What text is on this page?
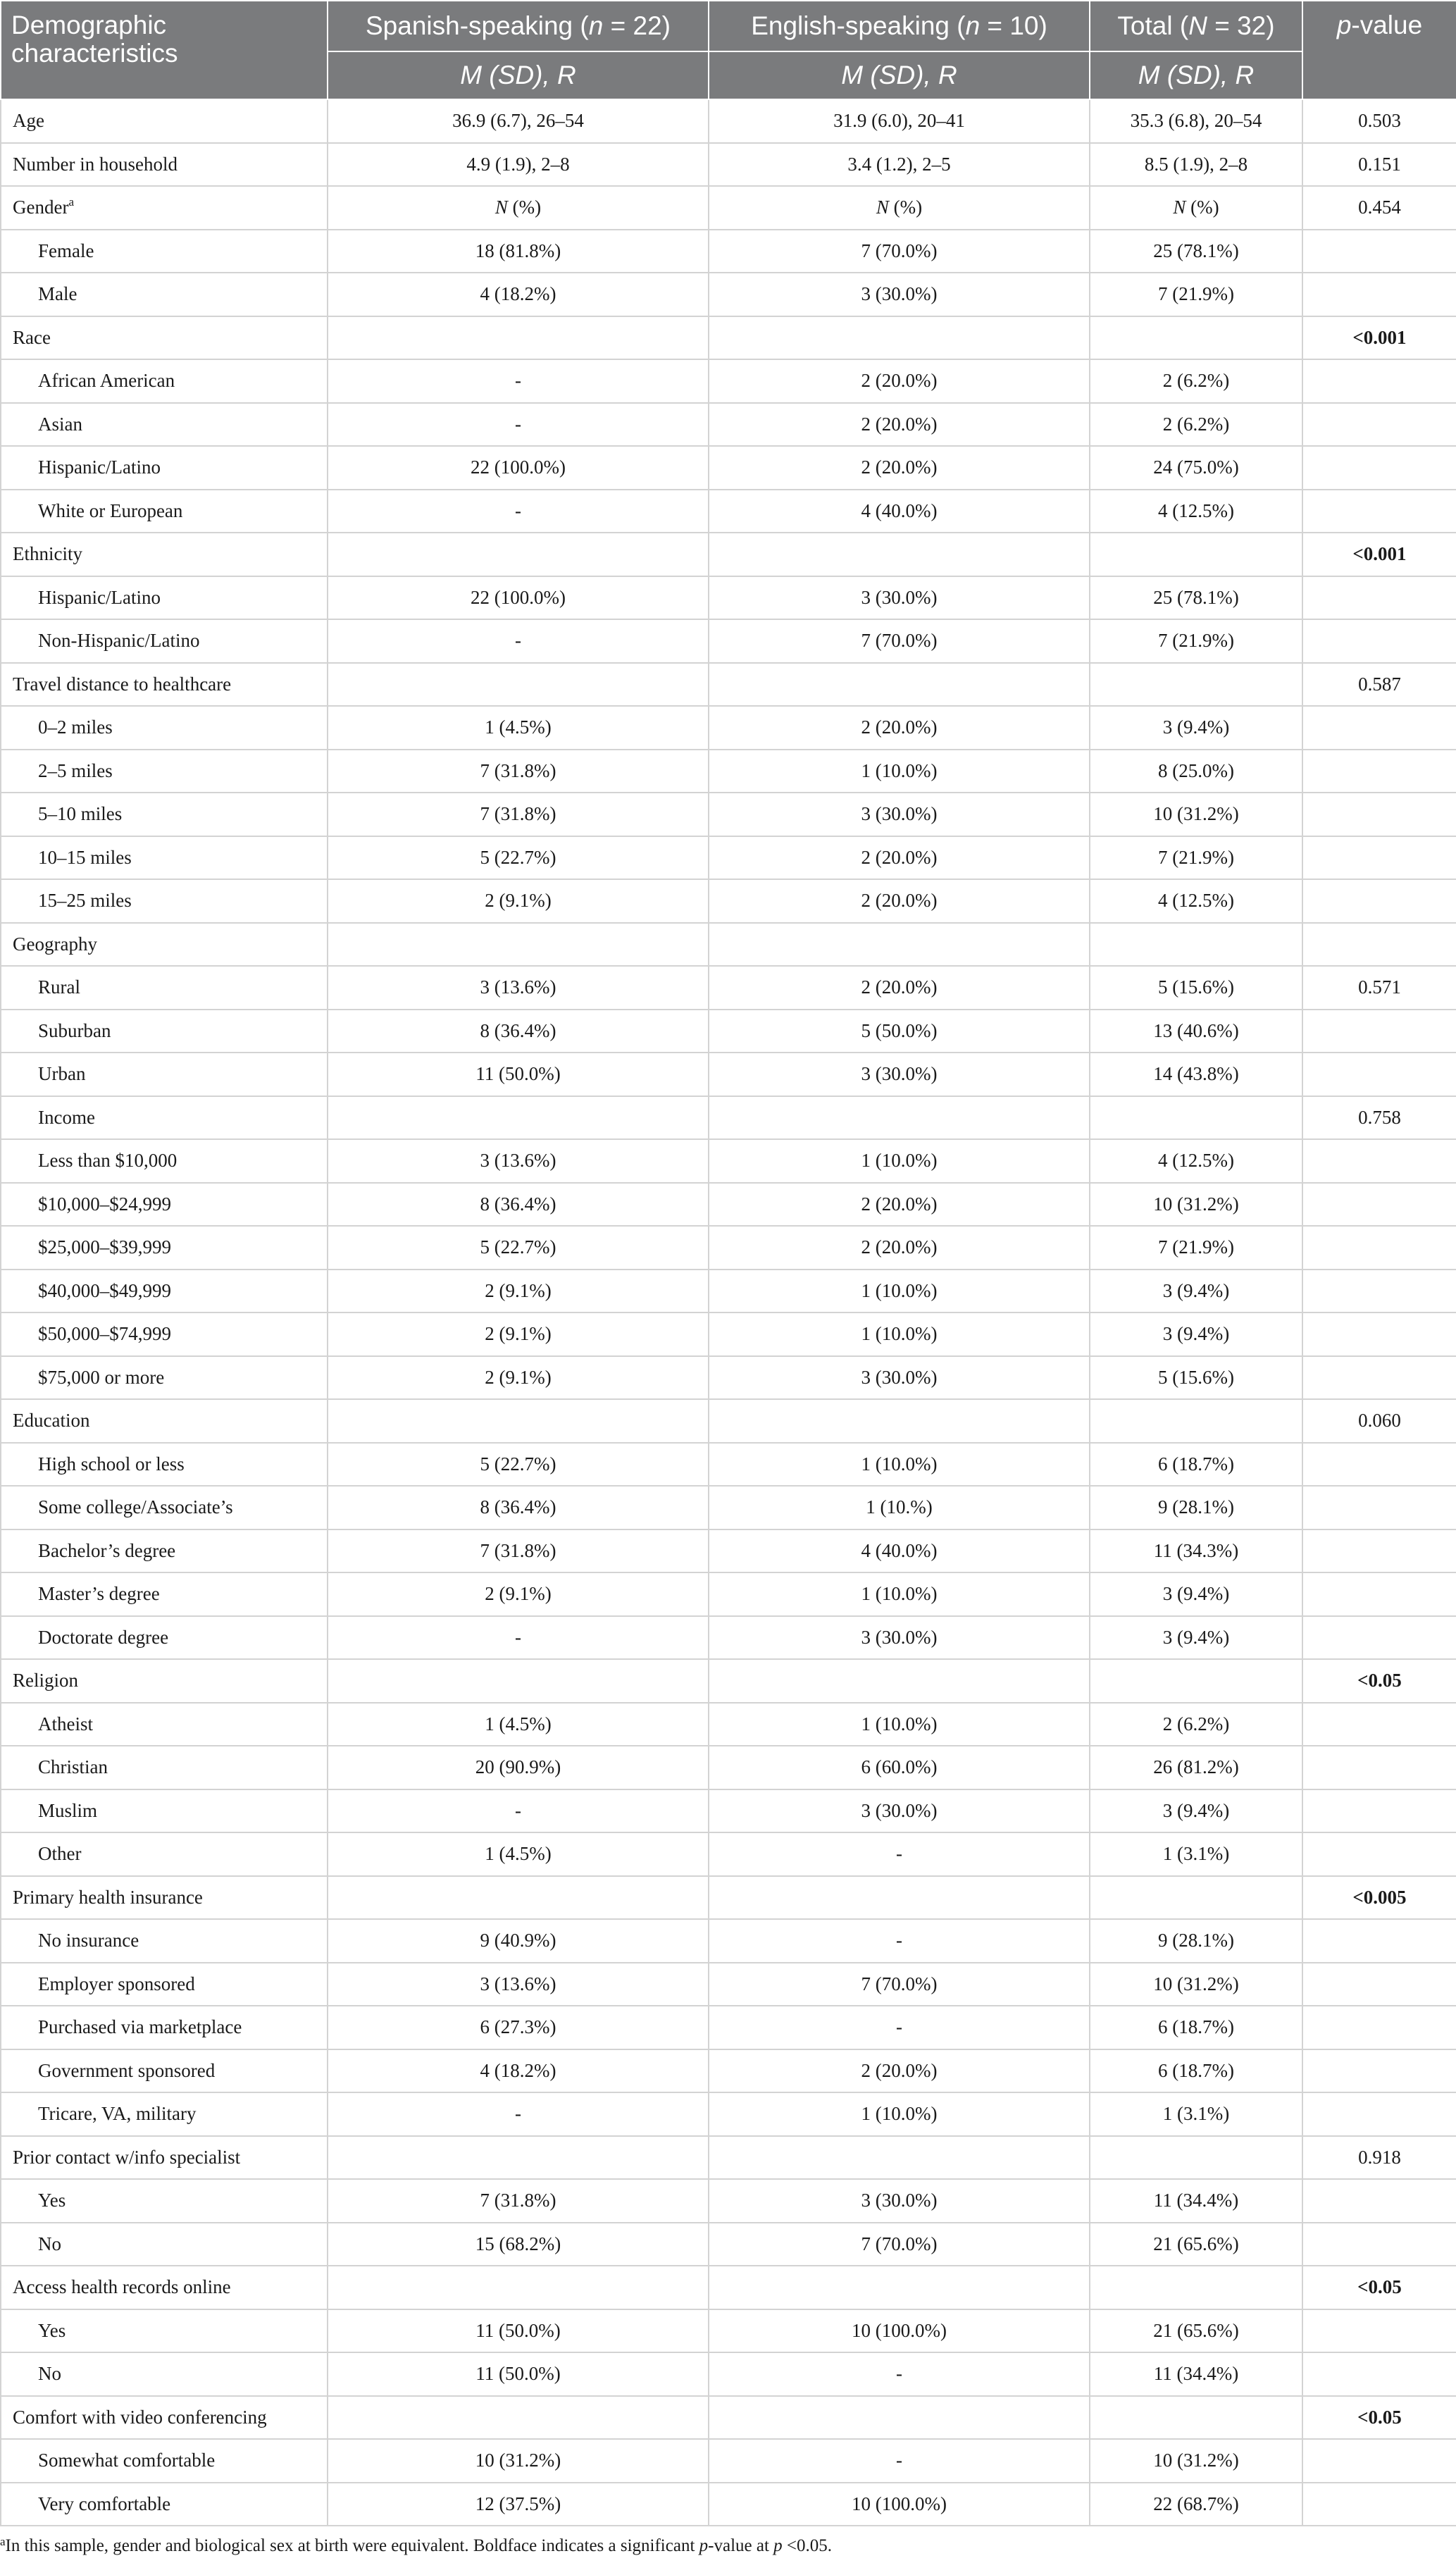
Demographic characteristics	Spanish-speaking (n = 22)	English-speaking (n = 10)	Total (N = 32)	p-value
	M (SD), R	M (SD), R	M (SD), R	
Age	36.9 (6.7), 26–54	31.9 (6.0), 20–41	35.3 (6.8), 20–54	0.503
Number in household	4.9 (1.9), 2–8	3.4 (1.2), 2–5	8.5 (1.9), 2–8	0.151
Gender$^a$	N (%)	N (%)	N (%)	0.454
Female	18 (81.8%)	7 (70.0%)	25 (78.1%)	
Male	4 (18.2%)	3 (30.0%)	7 (21.9%)	
Race				<0.001
African American	-	2 (20.0%)	2 (6.2%)	
Asian	-	2 (20.0%)	2 (6.2%)	
Hispanic/Latino	22 (100.0%)	2 (20.0%)	24 (75.0%)	
White or European	-	4 (40.0%)	4 (12.5%)	
Ethnicity				<0.001
Hispanic/Latino	22 (100.0%)	3 (30.0%)	25 (78.1%)	
Non-Hispanic/Latino	-	7 (70.0%)	7 (21.9%)	
Travel distance to healthcare				0.587
0–2 miles	1 (4.5%)	2 (20.0%)	3 (9.4%)	
2–5 miles	7 (31.8%)	1 (10.0%)	8 (25.0%)	
5–10 miles	7 (31.8%)	3 (30.0%)	10 (31.2%)	
10–15 miles	5 (22.7%)	2 (20.0%)	7 (21.9%)	
15–25 miles	2 (9.1%)	2 (20.0%)	4 (12.5%)	
Geography				
Rural	3 (13.6%)	2 (20.0%)	5 (15.6%)	0.571
Suburban	8 (36.4%)	5 (50.0%)	13 (40.6%)	
Urban	11 (50.0%)	3 (30.0%)	14 (43.8%)	
Income				0.758
Less than $10,000	3 (13.6%)	1 (10.0%)	4 (12.5%)	
$10,000–$24,999	8 (36.4%)	2 (20.0%)	10 (31.2%)	
$25,000–$39,999	5 (22.7%)	2 (20.0%)	7 (21.9%)	
$40,000–$49,999	2 (9.1%)	1 (10.0%)	3 (9.4%)	
$50,000–$74,999	2 (9.1%)	1 (10.0%)	3 (9.4%)	
$75,000 or more	2 (9.1%)	3 (30.0%)	5 (15.6%)	
Education				0.060
High school or less	5 (22.7%)	1 (10.0%)	6 (18.7%)	
Some college/Associate’s	8 (36.4%)	1 (10.%)	9 (28.1%)	
Bachelor’s degree	7 (31.8%)	4 (40.0%)	11 (34.3%)	
Master’s degree	2 (9.1%)	1 (10.0%)	3 (9.4%)	
Doctorate degree	-	3 (30.0%)	3 (9.4%)	
Religion				<0.05
Atheist	1 (4.5%)	1 (10.0%)	2 (6.2%)	
Christian	20 (90.9%)	6 (60.0%)	26 (81.2%)	
Muslim	-	3 (30.0%)	3 (9.4%)	
Other	1 (4.5%)	-	1 (3.1%)	
Primary health insurance				<0.005
No insurance	9 (40.9%)	-	9 (28.1%)	
Employer sponsored	3 (13.6%)	7 (70.0%)	10 (31.2%)	
Purchased via marketplace	6 (27.3%)	-	6 (18.7%)	
Government sponsored	4 (18.2%)	2 (20.0%)	6 (18.7%)	
Tricare, VA, military	-	1 (10.0%)	1 (3.1%)	
Prior contact w/info specialist				0.918
Yes	7 (31.8%)	3 (30.0%)	11 (34.4%)	
No	15 (68.2%)	7 (70.0%)	21 (65.6%)	
Access health records online				<0.05
Yes	11 (50.0%)	10 (100.0%)	21 (65.6%)	
No	11 (50.0%)	-	11 (34.4%)	
Comfort with video conferencing				<0.05
Somewhat comfortable	10 (31.2%)	-	10 (31.2%)	
Very comfortable	12 (37.5%)	10 (100.0%)	22 (68.7%)	
$^a$In this sample, gender and biological sex at birth were equivalent. Boldface indicates a significant p-value at p <0.05.
